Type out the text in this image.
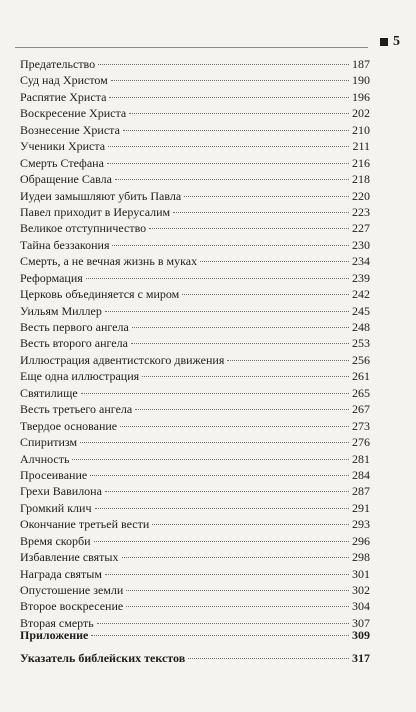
5
Предательство	187
Суд над Христом	190
Распятие Христа	196
Воскресение Христа	202
Вознесение Христа	210
Ученики Христа	211
Смерть Стефана	216
Обращение Савла	218
Иудеи замышляют убить Павла	220
Павел приходит в Иерусалим	223
Великое отступничество	227
Тайна беззакония	230
Смерть, а не вечная жизнь в муках	234
Реформация	239
Церковь объединяется с миром	242
Уильям Миллер	245
Весть первого ангела	248
Весть второго ангела	253
Иллюстрация адвентистского движения	256
Еще одна иллюстрация	261
Святилище	265
Весть третьего ангела	267
Твердое основание	273
Спиритизм	276
Алчность	281
Просеивание	284
Грехи Вавилона	287
Громкий клич	291
Окончание третьей вести	293
Время скорби	296
Избавление святых	298
Награда святым	301
Опустошение земли	302
Второе воскресение	304
Вторая смерть	307
Приложение	309
Указатель библейских текстов	317
